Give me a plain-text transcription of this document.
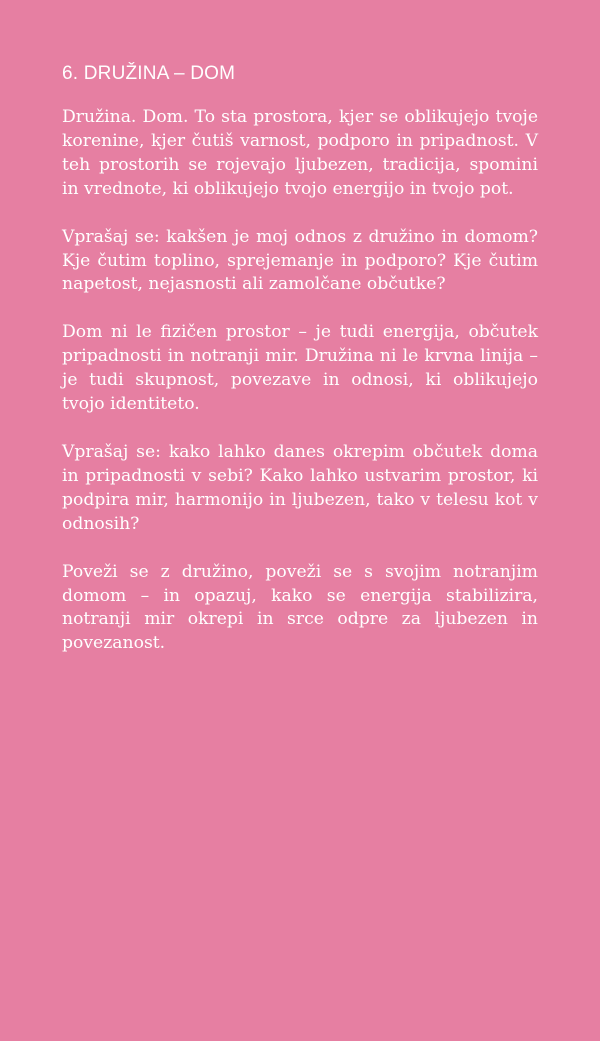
6. DRUŽINA – DOM

Družina. Dom. To sta prostora, kjer se oblikujejo tvoje korenine, kjer čutiš varnost, podporo in pripadnost. V teh prostorih se rojevajo ljubezen, tradicija, spomini in vrednote, ki oblikujejo tvojo energijo in tvojo pot.

Vprašaj se: kakšen je moj odnos z družino in domom? Kje čutim toplino, sprejemanje in podporo? Kje čutim napetost, nejasnosti ali zamolčane občutke?

Dom ni le fizičen prostor – je tudi energija, občutek pripadnosti in notranji mir. Družina ni le krvna linija – je tudi skupnost, povezave in odnosi, ki oblikujejo tvojo identiteto.

Vprašaj se: kako lahko danes okrepim občutek doma in pripadnosti v sebi? Kako lahko ustvarim prostor, ki podpira mir, harmonijo in ljubezen, tako v telesu kot v odnosih?

Poveži se z družino, poveži se s svojim notranjim domom – in opazuj, kako se energija stabilizira, notranji mir okrepi in srce odpre za ljubezen in povezanost.
